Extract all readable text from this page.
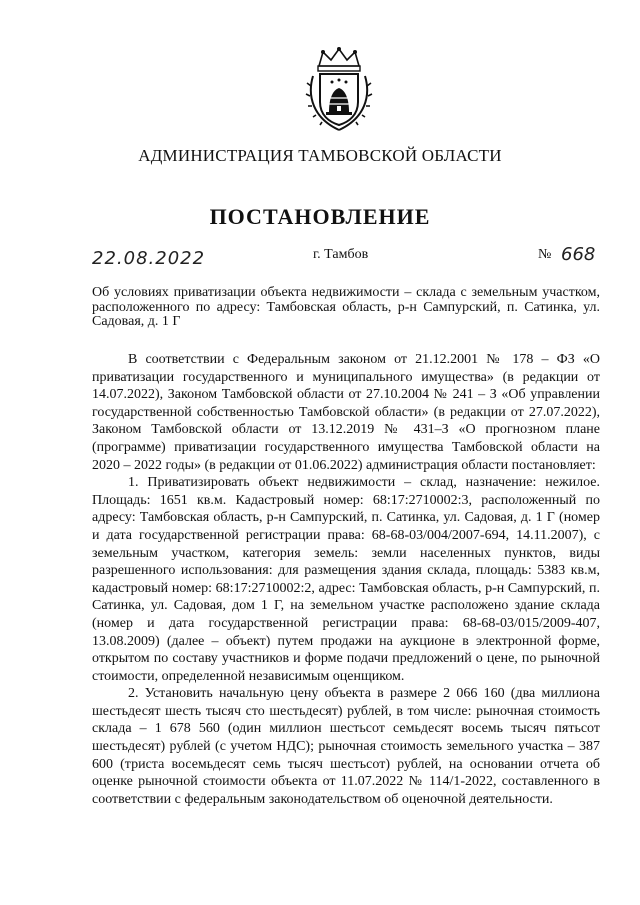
АДМИНИСТРАЦИЯ ТАМБОВСКОЙ ОБЛАСТИ
ПОСТАНОВЛЕНИЕ
22.08.2022	г. Тамбов	№ 668
Об условиях приватизации объекта недвижимости – склада с земельным участком, расположенного по адресу: Тамбовская область, р-н Сампурский, п. Сатинка, ул. Садовая, д. 1 Г

В соответствии с Федеральным законом от 21.12.2001 № 178 – ФЗ «О приватизации государственного и муниципального имущества» (в редакции от 14.07.2022), Законом Тамбовской области от 27.10.2004 № 241 – З «Об управлении государственной собственностью Тамбовской области» (в редакции от 27.07.2022), Законом Тамбовской области от 13.12.2019 № 431–З «О прогнозном плане (программе) приватизации государственного имущества Тамбовской области на 2020 – 2022 годы» (в редакции от 01.06.2022) администрация области постановляет:

1. Приватизировать объект недвижимости – склад, назначение: нежилое. Площадь: 1651 кв.м. Кадастровый номер: 68:17:2710002:3, расположенный по адресу: Тамбовская область, р-н Сампурский, п. Сатинка, ул. Садовая, д. 1 Г (номер и дата государственной регистрации права: 68-68-03/004/2007-694, 14.11.2007), с земельным участком, категория земель: земли населенных пунктов, виды разрешенного использования: для размещения здания склада, площадь: 5383 кв.м, кадастровый номер: 68:17:2710002:2, адрес: Тамбовская область, р-н Сампурский, п. Сатинка, ул. Садовая, дом 1 Г, на земельном участке расположено здание склада (номер и дата государственной регистрации права: 68-68-03/015/2009-407, 13.08.2009) (далее – объект) путем продажи на аукционе в электронной форме, открытом по составу участников и форме подачи предложений о цене, по рыночной стоимости, определенной независимым оценщиком.

2. Установить начальную цену объекта в размере 2 066 160 (два миллиона шестьдесят шесть тысяч сто шестьдесят) рублей, в том числе: рыночная стоимость склада – 1 678 560 (один миллион шестьсот семьдесят восемь тысяч пятьсот шестьдесят) рублей (с учетом НДС); рыночная стоимость земельного участка – 387 600 (триста восемьдесят семь тысяч шестьсот) рублей, на основании отчета об оценке рыночной стоимости объекта от 11.07.2022 № 114/1-2022, составленного в соответствии с федеральным законодательством об оценочной деятельности.
